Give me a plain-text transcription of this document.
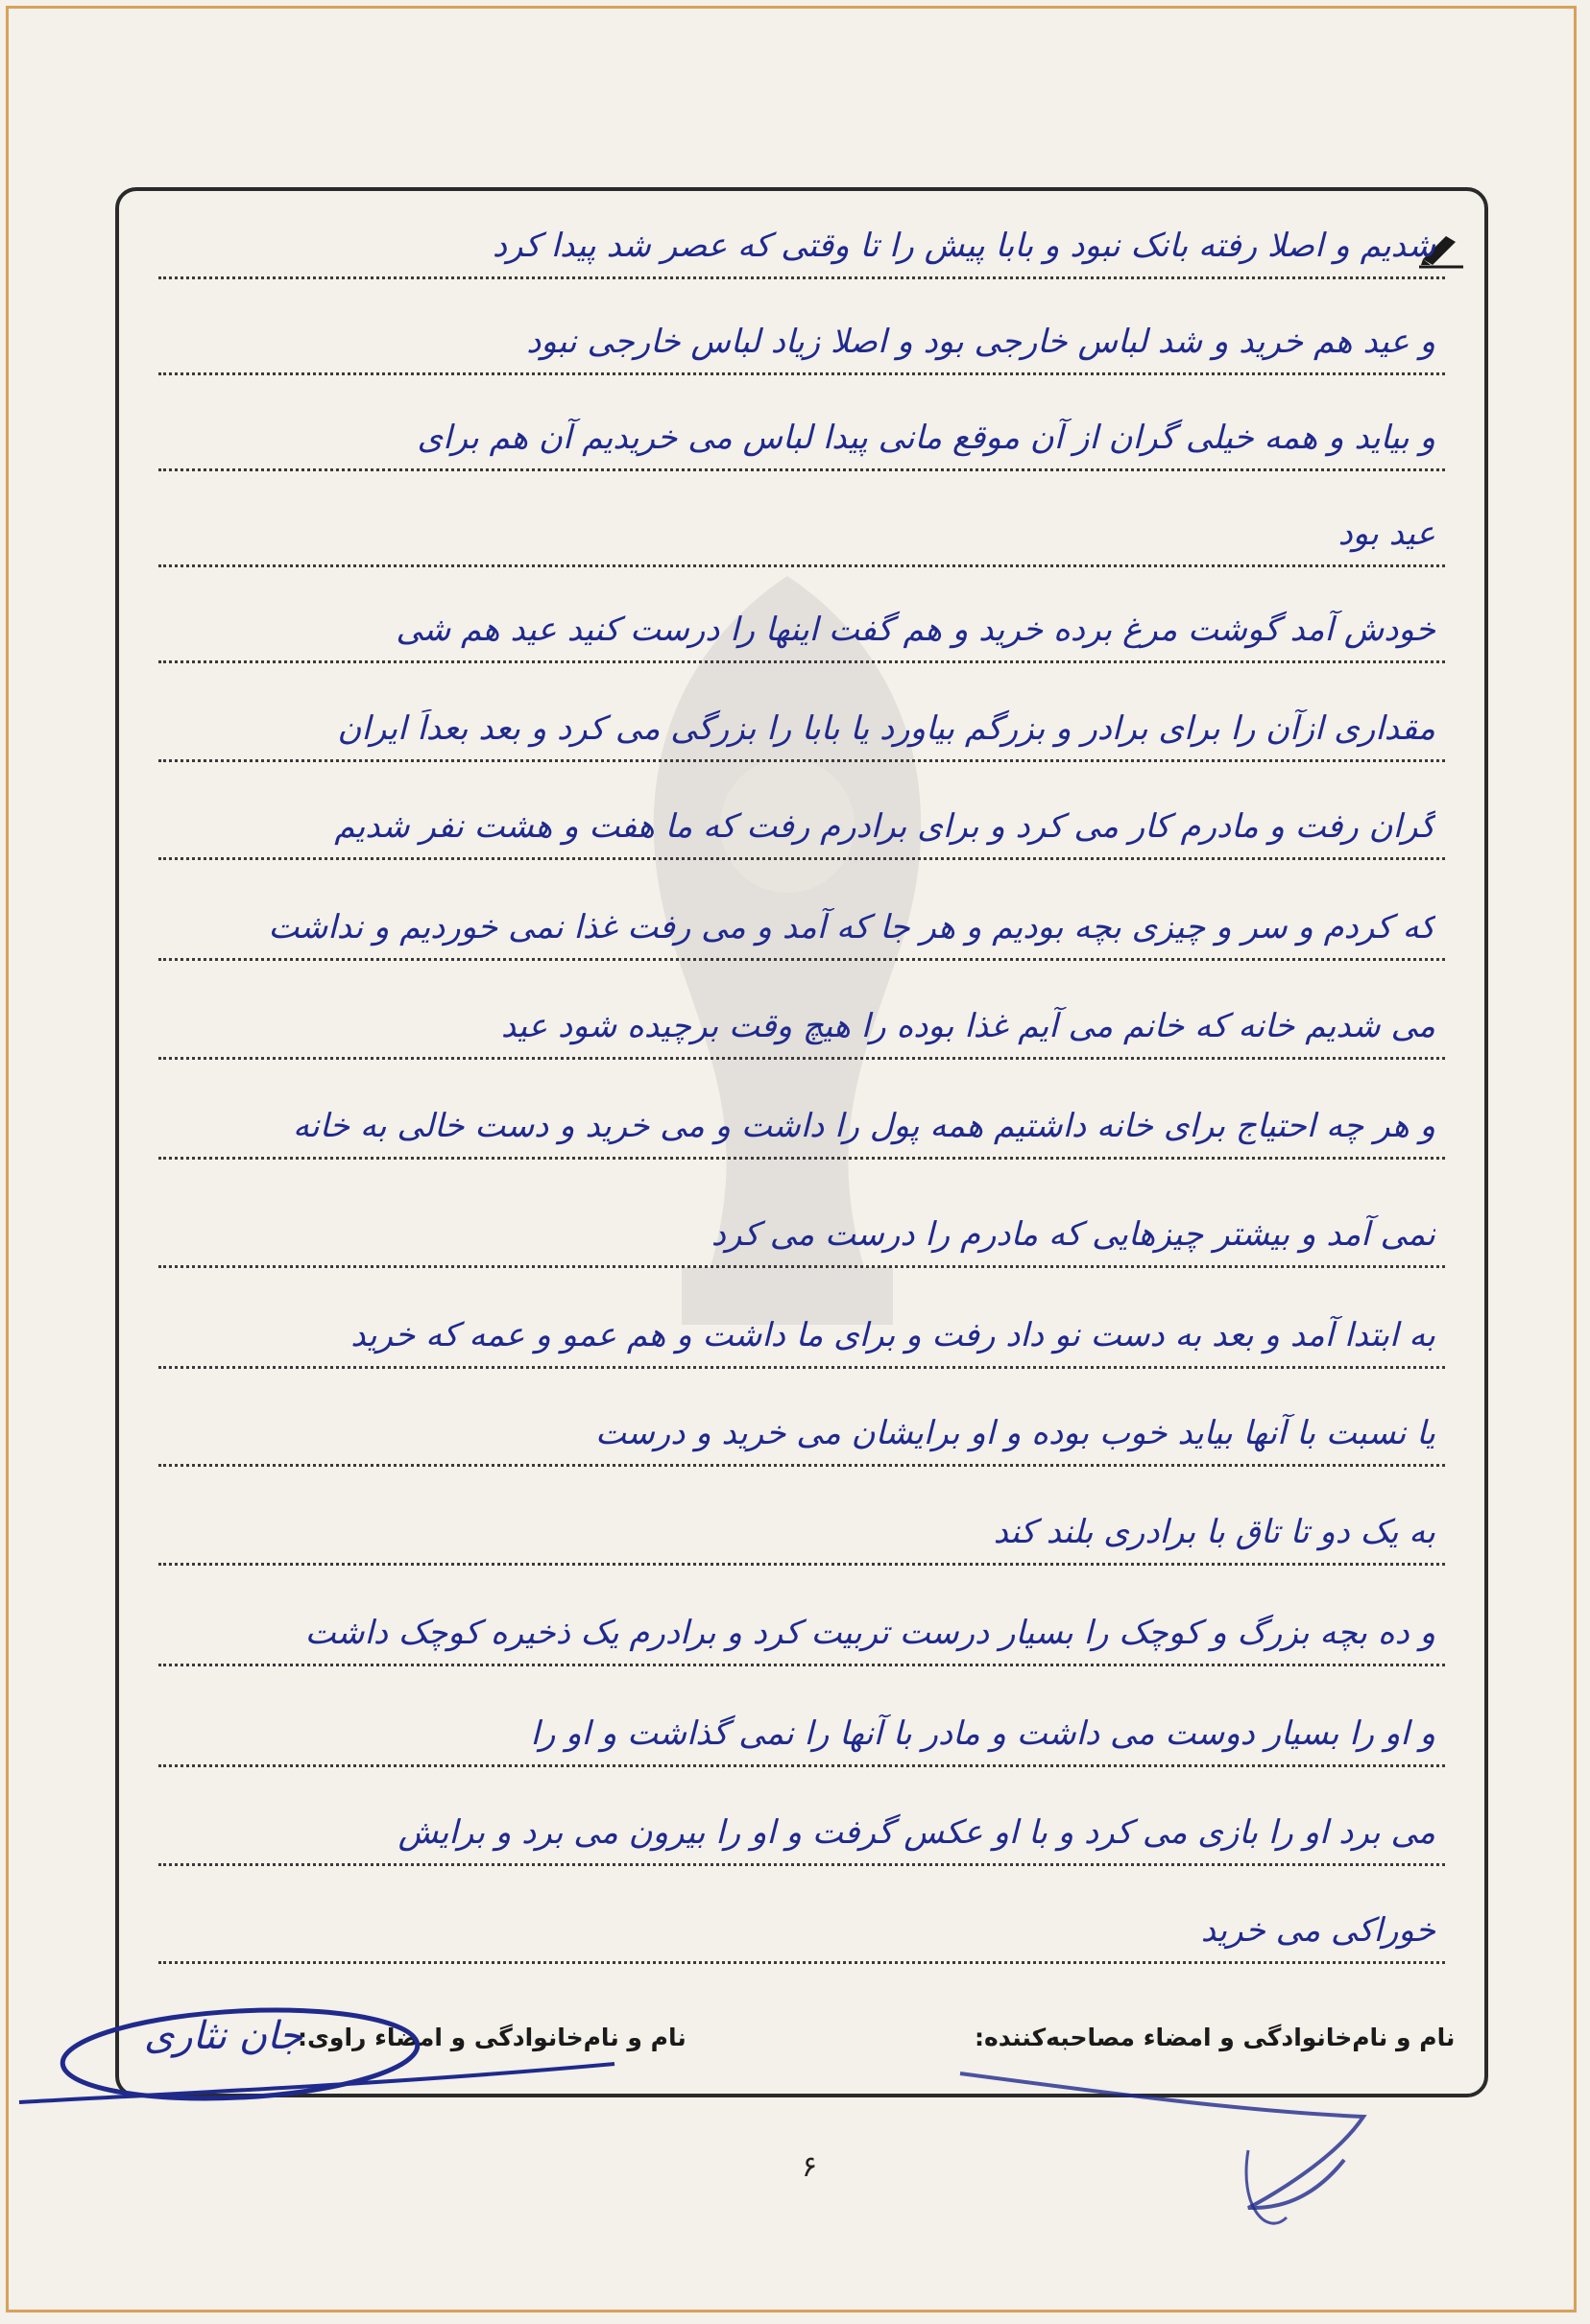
شدیم و اصلا رفته بانک نبود و بابا پیش را تا وقتی که عصر شد پیدا کرد
و عید هم خرید و شد لباس خارجی بود و اصلا زیاد لباس خارجی نبود
و بیاید و همه خیلی گران از آن موقع مانی پیدا لباس می خریدیم آن هم برای
عید بود
خودش آمد گوشت مرغ برده خرید و هم گفت اینها را درست کنید عید هم شی
مقداری ازآن را برای برادر و بزرگم بیاورد یا بابا را بزرگی می کرد و بعد بعداً ایران
گران رفت و مادرم کار می کرد و برای برادرم رفت که ما هفت و هشت نفر شدیم
که کردم و سر و چیزی بچه بودیم و هر جا که آمد و می رفت غذا نمی خوردیم و نداشت
می شدیم خانه که خانم می آیم غذا بوده را هیچ وقت برچیده شود عید
و هر چه احتیاج برای خانه داشتیم همه پول را داشت و می خرید و دست خالی به خانه
نمی آمد و بیشتر چیزهایی که مادرم را درست می کرد
به ابتدا آمد و بعد به دست نو داد رفت و برای ما داشت و هم عمو و عمه که خرید
یا نسبت با آنها بیاید خوب بوده و او برایشان می خرید و درست
به یک دو تا تاق با برادری بلند کند
و ده بچه بزرگ و کوچک را بسیار درست تربیت کرد و برادرم یک ذخیره کوچک داشت
و او را بسیار دوست می داشت و مادر با آنها را نمی گذاشت و او را
می برد او را بازی می کرد و با او عکس گرفت و او را بیرون می برد و برایش
خوراکی می خرید
نام و نام‌خانوادگی و امضاء مصاحبه‌کننده:
نام و نام‌خانوادگی و امضاء راوی:
جان نثاری
۶
